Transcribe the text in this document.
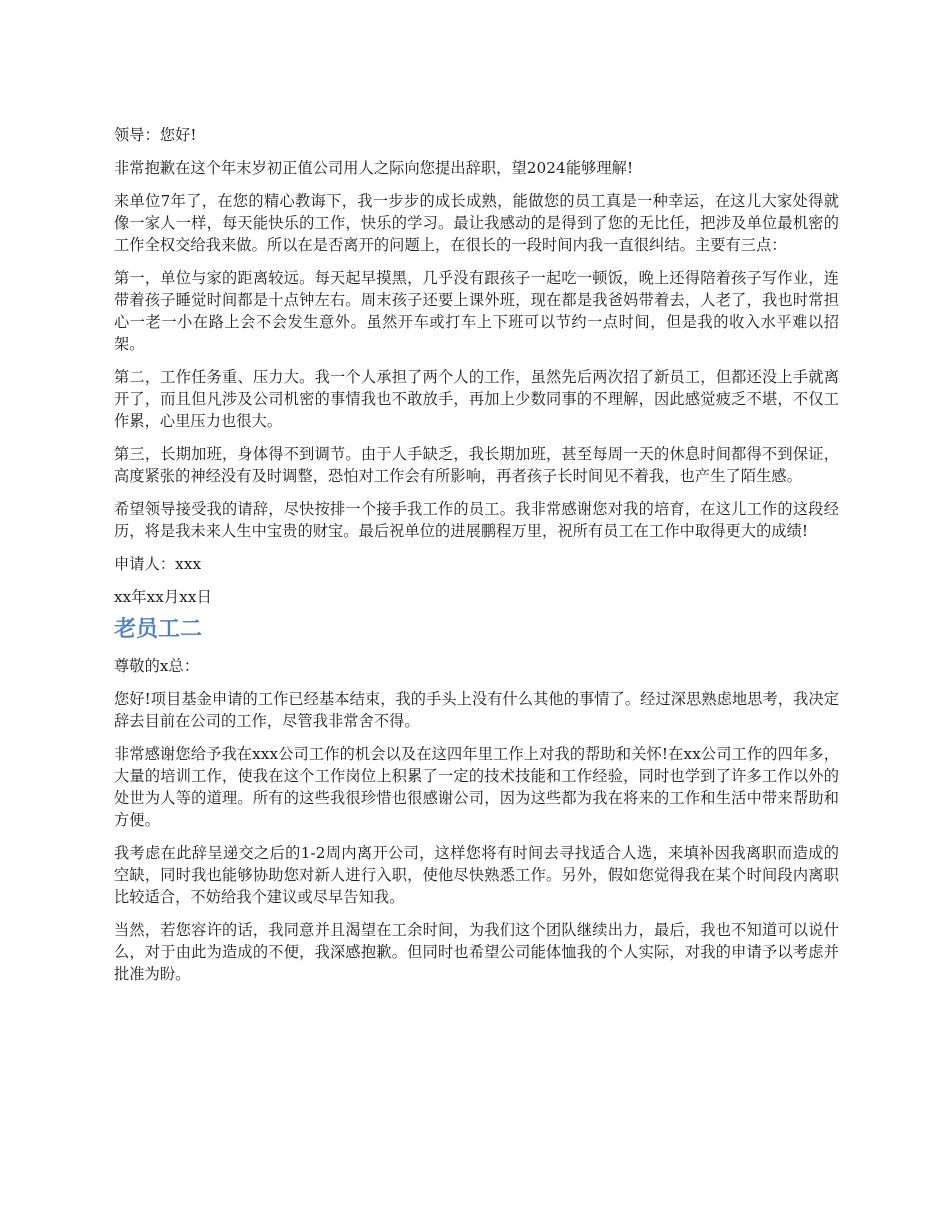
领导：您好!

非常抱歉在这个年末岁初正值公司用人之际向您提出辞职，望2024能够理解!

来单位7年了，在您的精心教诲下，我一步步的成长成熟，能做您的员工真是一种幸运，在这儿大家处得就像一家人一样，每天能快乐的工作，快乐的学习。最让我感动的是得到了您的无比任，把涉及单位最机密的工作全权交给我来做。所以在是否离开的问题上，在很长的一段时间内我一直很纠结。主要有三点：

第一，单位与家的距离较远。每天起早摸黑，几乎没有跟孩子一起吃一顿饭，晚上还得陪着孩子写作业，连带着孩子睡觉时间都是十点钟左右。周末孩子还要上课外班，现在都是我爸妈带着去，人老了，我也时常担心一老一小在路上会不会发生意外。虽然开车或打车上下班可以节约一点时间，但是我的收入水平难以招架。

第二，工作任务重、压力大。我一个人承担了两个人的工作，虽然先后两次招了新员工，但都还没上手就离开了，而且但凡涉及公司机密的事情我也不敢放手，再加上少数同事的不理解，因此感觉疲乏不堪，不仅工作累，心里压力也很大。

第三，长期加班，身体得不到调节。由于人手缺乏，我长期加班，甚至每周一天的休息时间都得不到保证，高度紧张的神经没有及时调整，恐怕对工作会有所影响，再者孩子长时间见不着我，也产生了陌生感。

希望领导接受我的请辞，尽快按排一个接手我工作的员工。我非常感谢您对我的培育，在这儿工作的这段经历，将是我未来人生中宝贵的财宝。最后祝单位的进展鹏程万里，祝所有员工在工作中取得更大的成绩!

申请人：xxx

xx年xx月xx日

老员工二

尊敬的x总：

您好!项目基金申请的工作已经基本结束，我的手头上没有什么其他的事情了。经过深思熟虑地思考，我决定辞去目前在公司的工作，尽管我非常舍不得。

非常感谢您给予我在xxx公司工作的机会以及在这四年里工作上对我的帮助和关怀!在xx公司工作的四年多，大量的培训工作，使我在这个工作岗位上积累了一定的技术技能和工作经验，同时也学到了许多工作以外的处世为人等的道理。所有的这些我很珍惜也很感谢公司，因为这些都为我在将来的工作和生活中带来帮助和方便。

我考虑在此辞呈递交之后的1-2周内离开公司，这样您将有时间去寻找适合人选，来填补因我离职而造成的空缺，同时我也能够协助您对新人进行入职，使他尽快熟悉工作。另外，假如您觉得我在某个时间段内离职比较适合，不妨给我个建议或尽早告知我。

当然，若您容许的话，我同意并且渴望在工余时间，为我们这个团队继续出力，最后，我也不知道可以说什么，对于由此为造成的不便，我深感抱歉。但同时也希望公司能体恤我的个人实际，对我的申请予以考虑并批准为盼。
